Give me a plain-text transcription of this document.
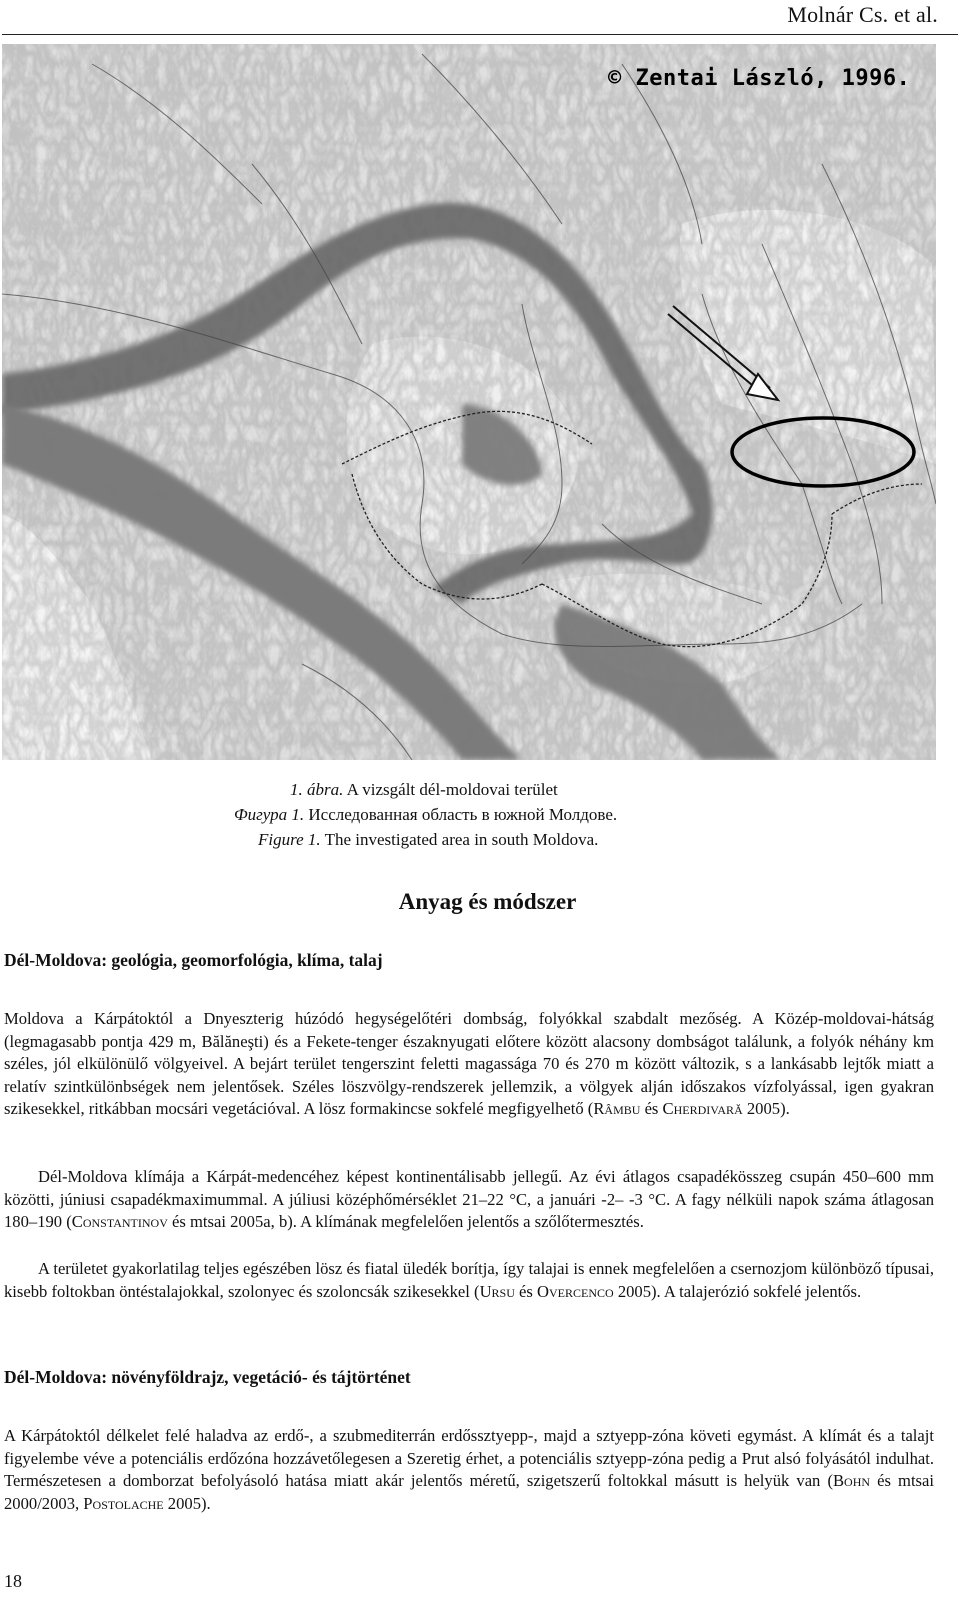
Molnár Cs. et al.
© Zentai László, 1996.
1. ábra. A vizsgált dél-moldovai terület
Фигура 1. Исследованная область в южной Молдове.
Figure 1. The investigated area in south Moldova.
Anyag és módszer
Dél-Moldova: geológia, geomorfológia, klíma, talaj

Moldova a Kárpátoktól a Dnyeszterig húzódó hegységelőtéri dombság, folyókkal szabdalt mezőség. A Közép-moldovai-hátság (legmagasabb pontja 429 m, Bălăneşti) és a Fekete-tenger északnyugati előtere között alacsony dombságot találunk, a folyók néhány km széles, jól elkülönülő völgyeivel. A bejárt terület tengerszint feletti magassága 70 és 270 m között változik, s a lankásabb lejtők miatt a relatív szintkülönbségek nem jelentősek. Széles löszvölgy-rendszerek jellemzik, a völgyek alján időszakos vízfolyással, igen gyakran szikesekkel, ritkábban mocsári vegetációval. A lösz formakincse sokfelé megfigyelhető (Râmbu és Cherdivară 2005).

Dél-Moldova klímája a Kárpát-medencéhez képest kontinentálisabb jellegű. Az évi átlagos csapadékösszeg csupán 450–600 mm közötti, júniusi csapadékmaximummal. A júliusi középhőmérséklet 21–22 °C, a januári -2– -3 °C. A fagy nélküli napok száma átlagosan 180–190 (Constantinov és mtsai 2005a, b). A klímának megfelelően jelentős a szőlőtermesztés.

A területet gyakorlatilag teljes egészében lösz és fiatal üledék borítja, így talajai is ennek megfelelően a csernozjom különböző típusai, kisebb foltokban öntéstalajokkal, szolonyec és szoloncsák szikesekkel (Ursu és Overcenco 2005). A talajerózió sokfelé jelentős.

Dél-Moldova: növényföldrajz, vegetáció- és tájtörténet

A Kárpátoktól délkelet felé haladva az erdő-, a szubmediterrán erdőssztyepp-, majd a sztyepp-zóna követi egymást. A klímát és a talajt figyelembe véve a potenciális erdőzóna hozzávetőlegesen a Szeretig érhet, a potenciális sztyepp-zóna pedig a Prut alsó folyásától indulhat. Természetesen a domborzat befolyásoló hatása miatt akár jelentős méretű, szigetszerű foltokkal másutt is helyük van (Bohn és mtsai 2000/2003, Postolache 2005).

18
